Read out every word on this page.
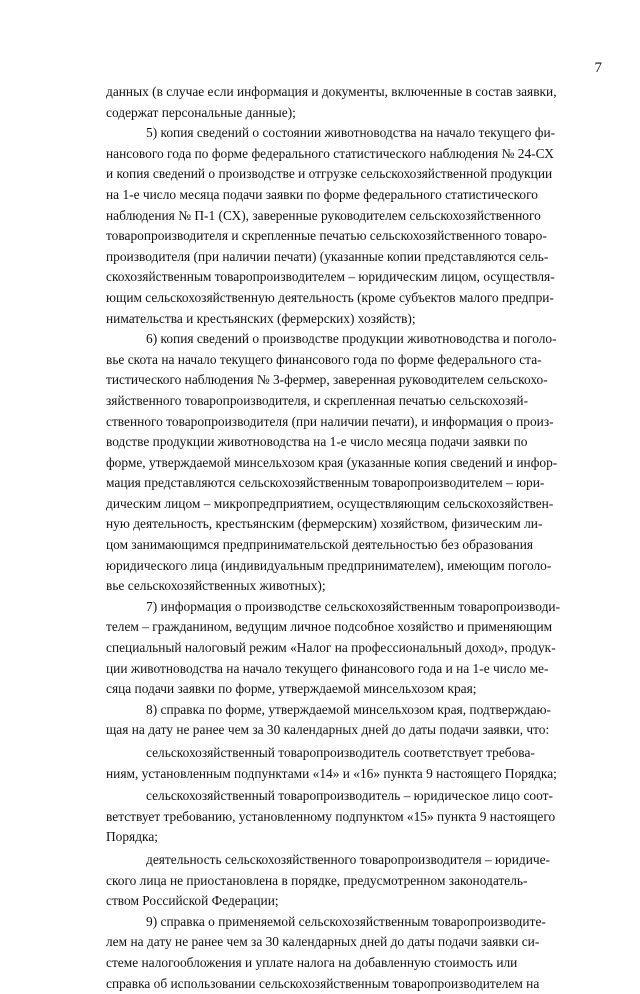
7

данных (в случае если информация и документы, включенные в состав заявки,
содержат персональные данные);

5) копия сведений о состоянии животноводства на начало текущего фи-
нансового года по форме федерального статистического наблюдения № 24-СХ
и копия сведений о производстве и отгрузке сельскохозяйственной продукции
на 1-е число месяца подачи заявки по форме федерального статистического
наблюдения № П-1 (СХ), заверенные руководителем сельскохозяйственного
товаропроизводителя и скрепленные печатью сельскохозяйственного товаро-
производителя (при наличии печати) (указанные копии представляются сель-
скохозяйственным товаропроизводителем – юридическим лицом, осуществля-
ющим сельскохозяйственную деятельность (кроме субъектов малого предпри-
нимательства и крестьянских (фермерских) хозяйств);

6) копия сведений о производстве продукции животноводства и поголо-
вье скота на начало текущего финансового года по форме федерального ста-
тистического наблюдения № 3-фермер, заверенная руководителем сельскохо-
зяйственного товаропроизводителя, и скрепленная печатью сельскохозяй-
ственного товаропроизводителя (при наличии печати), и информация о произ-
водстве продукции животноводства на 1-е число месяца подачи заявки по
форме, утверждаемой минсельхозом края (указанные копия сведений и инфор-
мация представляются сельскохозяйственным товаропроизводителем – юри-
дическим лицом – микропредприятием, осуществляющим сельскохозяйствен-
ную деятельность, крестьянским (фермерским) хозяйством, физическим ли-
цом занимающимся предпринимательской деятельностью без образования
юридического лица (индивидуальным предпринимателем), имеющим поголо-
вье сельскохозяйственных животных);

7) информация о производстве сельскохозяйственным товаропроизводи-
телем – гражданином, ведущим личное подсобное хозяйство и применяющим
специальный налоговый режим «Налог на профессиональный доход», продук-
ции животноводства на начало текущего финансового года и на 1-е число ме-
сяца подачи заявки по форме, утверждаемой минсельхозом края;

8) справка по форме, утверждаемой минсельхозом края, подтверждаю-
щая на дату не ранее чем за 30 календарных дней до даты подачи заявки, что:

сельскохозяйственный товаропроизводитель соответствует требова-
ниям, установленным подпунктами «14» и «16» пункта 9 настоящего Порядка;

сельскохозяйственный товаропроизводитель – юридическое лицо соот-
ветствует требованию, установленному подпунктом «15» пункта 9 настоящего
Порядка;

деятельность сельскохозяйственного товаропроизводителя – юридиче-
ского лица не приостановлена в порядке, предусмотренном законодатель-
ством Российской Федерации;

9) справка о применяемой сельскохозяйственным товаропроизводите-
лем на дату не ранее чем за 30 календарных дней до даты подачи заявки си-
стеме налогообложения и уплате налога на добавленную стоимость или
справка об использовании сельскохозяйственным товаропроизводителем на
